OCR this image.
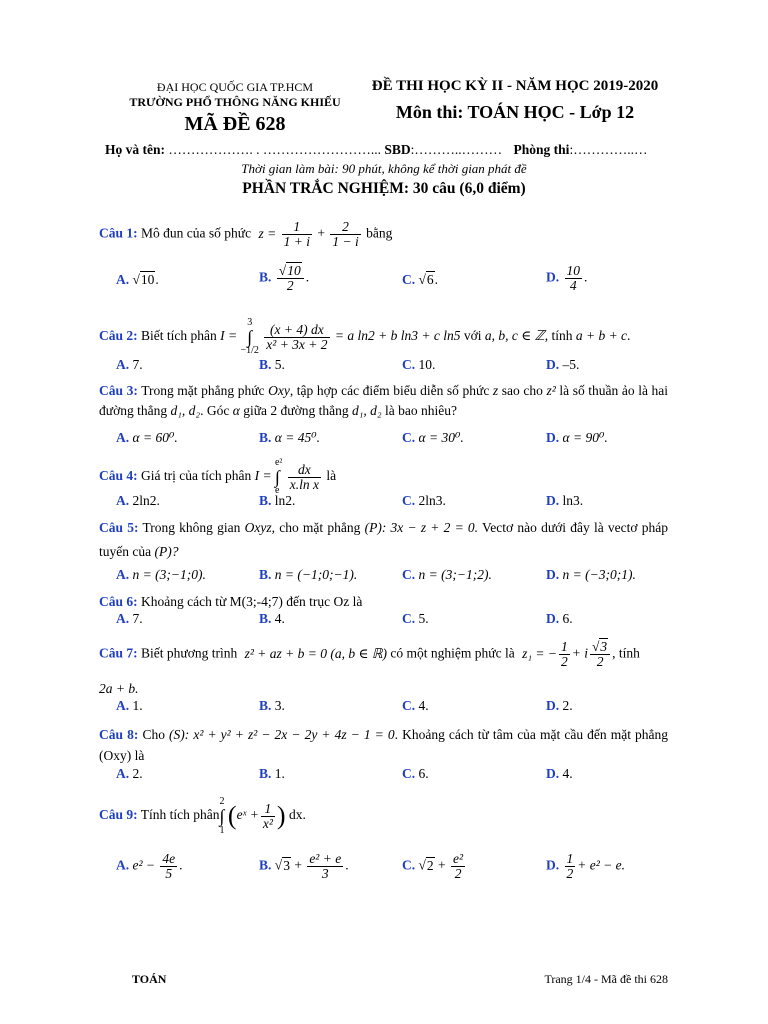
ĐẠI HỌC QUỐC GIA TP.HCM
TRƯỜNG PHỔ THÔNG NĂNG KHIẾU
MÃ ĐỀ 628
ĐỀ THI HỌC KỲ II - NĂM HỌC 2019-2020
Môn thi: TOÁN HỌC - Lớp 12
Họ và tên: ………………. . ……………………... SBD:………..……… Phòng thi:…………..…
Thời gian làm bài: 90 phút, không kể thời gian phát đề
PHẦN TRẮC NGHIỆM: 30 câu (6,0 điểm)
Câu 1: Mô đun của số phức $z = \frac{1}{1 + i} + \frac{2}{1 - i}$ bằng
A. √10.	B. $\frac{√10}{2}$ .	C. √6.	D. $\frac{10}{4}$ .
Câu 2: Biết tích phân I =
3
∫
−1/2
$\frac{(x + 4) dx}{\text{x² + 3x + 2}} = a$ ln2 + b ln3 + c ln5 với a, b, c ∈ ℤ, tính a + b + c.
A. 7.	B. 5.	C. 10.	D. –5.
Câu 3: Trong mặt phẳng phức Oxy, tập hợp các điểm biểu diễn số phức z sao cho z² là số thuần ảo là hai đường thẳng d₁, d₂. Góc α giữa 2 đường thẳng d₁, d₂ là bao nhiêu?
A. α = 60⁰.	B. α = 45⁰.	C. α = 30⁰.	D. α = 90⁰.
Câu 4: Giá trị của tích phân I =
e²
∫
e
$\frac{dx}{\text{x.ln x}}$ là
A. 2ln2.	B. ln2.	C. 2ln3.	D. ln3.
Câu 5: Trong không gian Oxyz, cho mặt phẳng (P): 3x − z + 2 = 0. Vectơ nào dưới đây là vectơ pháp tuyến của (P)?
A. n = (3;−1;0).	B. n = (−1;0;−1).	C. n = (3;−1;2).	D. n = (−3;0;1).
Câu 6: Khoảng cách từ M(3;-4;7) đến trục Oz là
A. 7.	B. 4.	C. 5.	D. 6.
Câu 7: Biết phương trình z² + az + b = 0 (a, b ∈ ℝ) có một nghiệm phức là z₁ = − $\frac{1}{2} + i \frac{√3}{2}$ , tính
2a + b.
A. 1.	B. 3.	C. 4.	D. 2.
Câu 8: Cho (S): x² + y² + z² − 2x − 2y + 4z − 1 = 0. Khoảng cách từ tâm của mặt cầu đến mặt phẳng (Oxy) là
A. 2.	B. 1.	C. 6.	D. 4.
Câu 9: Tính tích phân
2
∫
1
(eˣ + $\frac{1}{\text{x²}}$ ) dx.
A. $e^2 - \frac{4e}{5}$ .	B. $√3 + \frac{\text{e² + e}}{3}$ .	C. $√2 + \frac{\text{e²}}{2}$	D. $\frac{1}{2} + e^2 - e$.
TOÁN	Trang 1/4 - Mã đề thi 628
